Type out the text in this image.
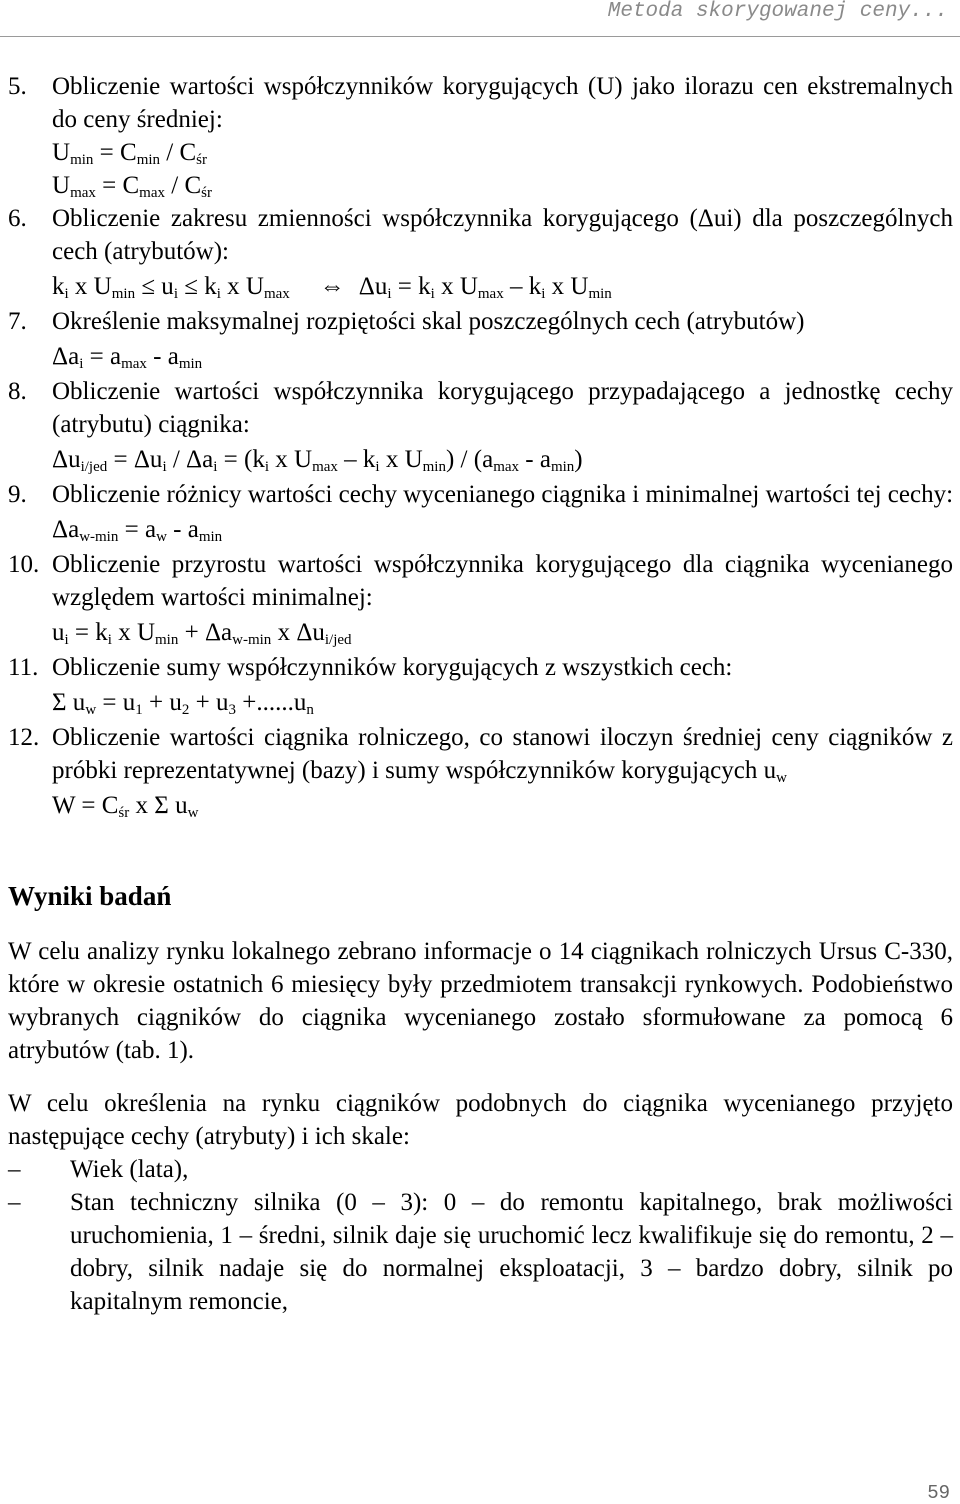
Metoda skorygowanej ceny...
5. Obliczenie wartości współczynników korygujących (U) jako ilorazu cen ekstremalnych do ceny średniej:

$U_{min} = C_{min} / C_{śr}$
$U_{max} = C_{max} / C_{śr}$
6. Obliczenie zakresu zmienności współczynnika korygującego (Δui) dla poszczególnych cech (atrybutów):

$k_i$ x $U_{min} \le u_i \le k_i$ x $U_{max}$ ⇔ $\Delta u_i = k_i$ x $U_{max} - k_i$ x $U_{min}$
7. Określenie maksymalnej rozpiętości skal poszczególnych cech (atrybutów)

$\Delta a_i = a_{max} - a_{min}$
8. Obliczenie wartości współczynnika korygującego przypadającego a jednostkę cechy (atrybutu) ciągnika:

$\Delta u_{i/jed} = \Delta u_i / \Delta a_i = (k_i$ x $U_{max} - k_i$ x $U_{min}) / (a_{max} - a_{min})$
9. Obliczenie różnicy wartości cechy wycenianego ciągnika i minimalnej wartości tej cechy:

$\Delta a_{w-min} = a_w - a_{min}$
10. Obliczenie przyrostu wartości współczynnika korygującego dla ciągnika wycenianego względem wartości minimalnej:

$u_i = k_i$ x $U_{min} + \Delta a_{w-min}$ x $\Delta u_{i/jed}$
11. Obliczenie sumy współczynników korygujących z wszystkich cech:

Σ $u_w = u_1 + u_2 + u_3 +......u_n$
12. Obliczenie wartości ciągnika rolniczego, co stanowi iloczyn średniej ceny ciągników z próbki reprezentatywnej (bazy) i sumy współczynników korygujących $u_w$

$W = C_{śr}$ x Σ $u_w$
Wyniki badań

W celu analizy rynku lokalnego zebrano informacje o 14 ciągnikach rolniczych Ursus C-330, które w okresie ostatnich 6 miesięcy były przedmiotem transakcji rynkowych. Podobieństwo wybranych ciągników do ciągnika wycenianego zostało sformułowane za pomocą 6 atrybutów (tab. 1).

W celu określenia na rynku ciągników podobnych do ciągnika wycenianego przyjęto następujące cechy (atrybuty) i ich skale:

– Wiek (lata),
– Stan techniczny silnika (0 – 3): 0 – do remontu kapitalnego, brak możliwości uruchomienia, 1 – średni, silnik daje się uruchomić lecz kwalifikuje się do remontu, 2 – dobry, silnik nadaje się do normalnej eksploatacji, 3 – bardzo dobry, silnik po kapitalnym remoncie,
59
